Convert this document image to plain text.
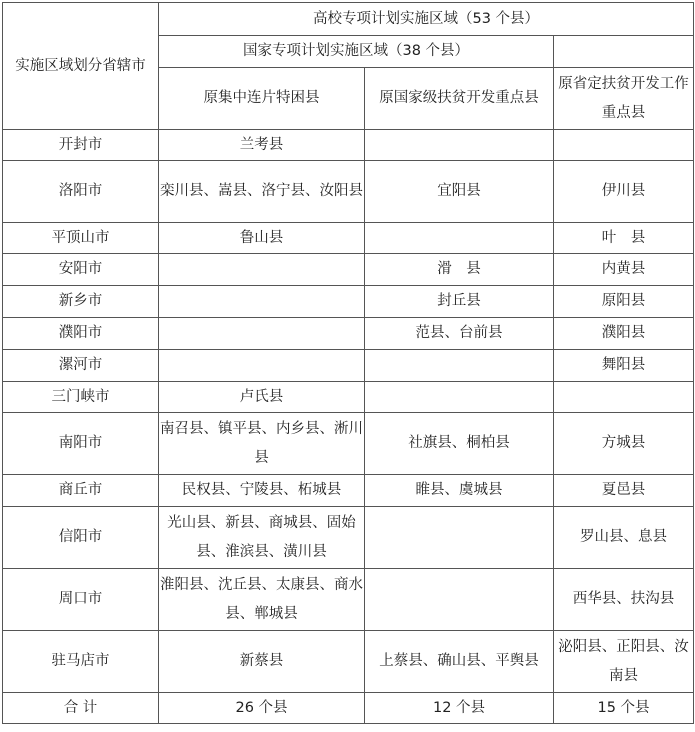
实施区域划分省辖市	高校专项计划实施区域（53 个县）		
	国家专项计划实施区域（38 个县）		
	原集中连片特困县	原国家级扶贫开发重点县	原省定扶贫开发工作重点县
开封市	兰考县		
洛阳市	栾川县、嵩县、洛宁县、汝阳县	宜阳县	伊川县
平顶山市	鲁山县		叶　县
安阳市		滑　县	内黄县
新乡市		封丘县	原阳县
濮阳市		范县、台前县	濮阳县
漯河市			舞阳县
三门峡市	卢氏县		
南阳市	南召县、镇平县、内乡县、淅川县	社旗县、桐柏县	方城县
商丘市	民权县、宁陵县、柘城县	睢县、虞城县	夏邑县
信阳市	光山县、新县、商城县、固始县、淮滨县、潢川县		罗山县、息县
周口市	淮阳县、沈丘县、太康县、商水县、郸城县		西华县、扶沟县
驻马店市	新蔡县	上蔡县、确山县、平舆县	泌阳县、正阳县、汝南县
合 计	26 个县	12 个县	15 个县
